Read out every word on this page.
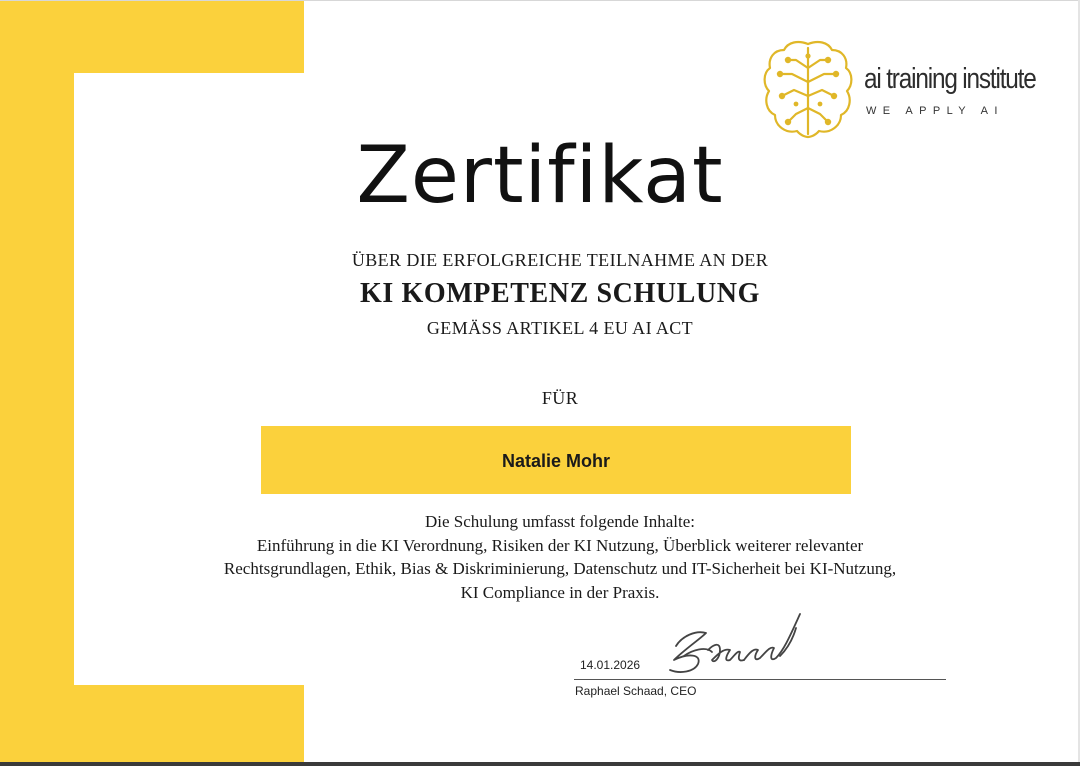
ai training institute
WE APPLY AI
Zertifikat
ÜBER DIE ERFOLGREICHE TEILNAHME AN DER
KI KOMPETENZ SCHULUNG
GEMÄSS ARTIKEL 4 EU AI ACT
FÜR
Natalie Mohr
Die Schulung umfasst folgende Inhalte:
Einführung in die KI Verordnung, Risiken der KI Nutzung, Überblick weiterer relevanter
Rechtsgrundlagen, Ethik, Bias & Diskriminierung, Datenschutz und IT-Sicherheit bei KI-Nutzung,
KI Compliance in der Praxis.
14.01.2026
Raphael Schaad, CEO
